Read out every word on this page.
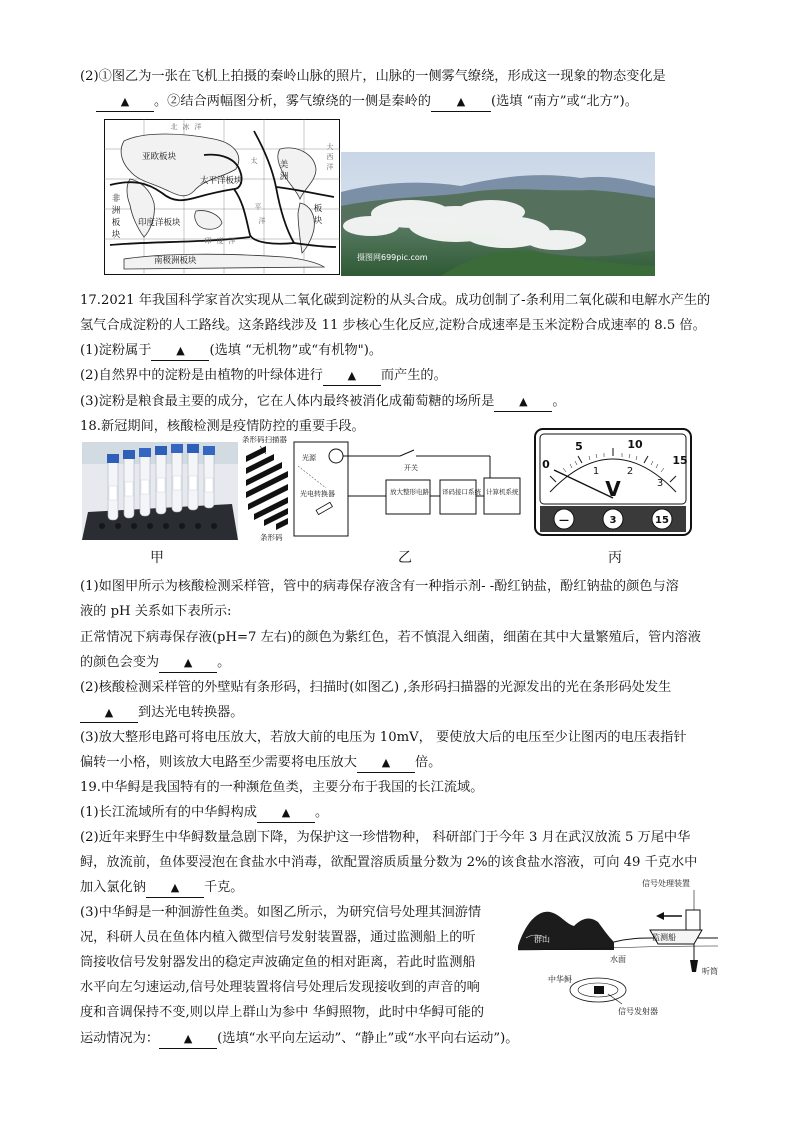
(2)①图乙为一张在飞机上拍摄的秦岭山脉的照片，山脉的一侧雾气缭绕，形成这一现象的物态变化是
▲ 。②结合两幅图分析，雾气缭绕的一侧是秦岭的 ▲ (选填 “南方”或“北方”)。
亚欧板块
太平洋板块
印度洋板块
南极洲板块
非
洲
板
块
美
洲
板
块
北 冰 洋
太
平
洋
大
西
洋
印 度 洋
摄图网699pic.com
17.2021 年我国科学家首次实现从二氧化碳到淀粉的从头合成。成功创制了-条利用二氧化碳和电解水产生的
氢气合成淀粉的人工路线。这条路线涉及 11 步核心生化反应,淀粉合成速率是玉米淀粉合成速率的 8.5 倍。
(1)淀粉属于 ▲ (选填 “无机物”或“有机物")。
(2)自然界中的淀粉是由植物的叶绿体进行 ▲ 而产生的。
(3)淀粉是粮食最主要的成分，它在人体内最终被消化成葡萄糖的场所是 ▲ 。
18.新冠期间，核酸检测是疫情防控的重要手段。
条形码扫描器
条形码
光源
光电转换器
开关
放大整形电路 译码接口系统 计算机系统
0
5	10
15
1	2
3
V
—	3	15
甲	乙	丙
(1)如图甲所示为核酸检测采样管，管中的病毒保存液含有一种指示剂- -酚红钠盐，酚红钠盐的颜色与溶
液的 pH 关系如下表所示:
正常情况下病毒保存液(pH=7 左右)的颜色为紫红色，若不慎混入细菌，细菌在其中大量繁殖后，管内溶液
的颜色会变为 ▲ 。
(2)核酸检测采样管的外壁贴有条形码，扫描时(如图乙) ,条形码扫描器的光源发出的光在条形码处发生
▲ 到达光电转换器。
(3)放大整形电路可将电压放大，若放大前的电压为 10mV， 要使放大后的电压至少让图丙的电压表指针
偏转一小格，则该放大电路至少需要将电压放大 ▲ 倍。
19.中华鲟是我国特有的一种濒危鱼类，主要分布于我国的长江流域。
(1)长江流域所有的中华鲟构成 ▲ 。
(2)近年来野生中华鲟数量急剧下降，为保护这一珍惜物种， 科研部门于今年 3 月在武汉放流 5 万尾中华
鲟，放流前，鱼体要浸泡在食盐水中消毒，欲配置溶质质量分数为 2%的该食盐水溶液，可向 49 千克水中
加入氯化钠 ▲ 千克。
(3)中华鲟是一种洄游性鱼类。如图乙所示，为研究信号处理其洄游情
况，科研人员在鱼体内植入微型信号发射装置器，通过监测船上的听
筒接收信号发射器发出的稳定声波确定鱼的相对距离，若此时监测船
水平向左匀速运动,信号处理装置将信号处理后发现接收到的声音的响
度和音调保持不变,则以岸上群山为参中 华鲟照物，此时中华鲟可能的
运动情况为： ▲ (选填“水平向左运动”、“静止”或“水平向右运动”)。
群山
水面
监测船
信号处理装置
听筒
中华鲟
信号发射器
